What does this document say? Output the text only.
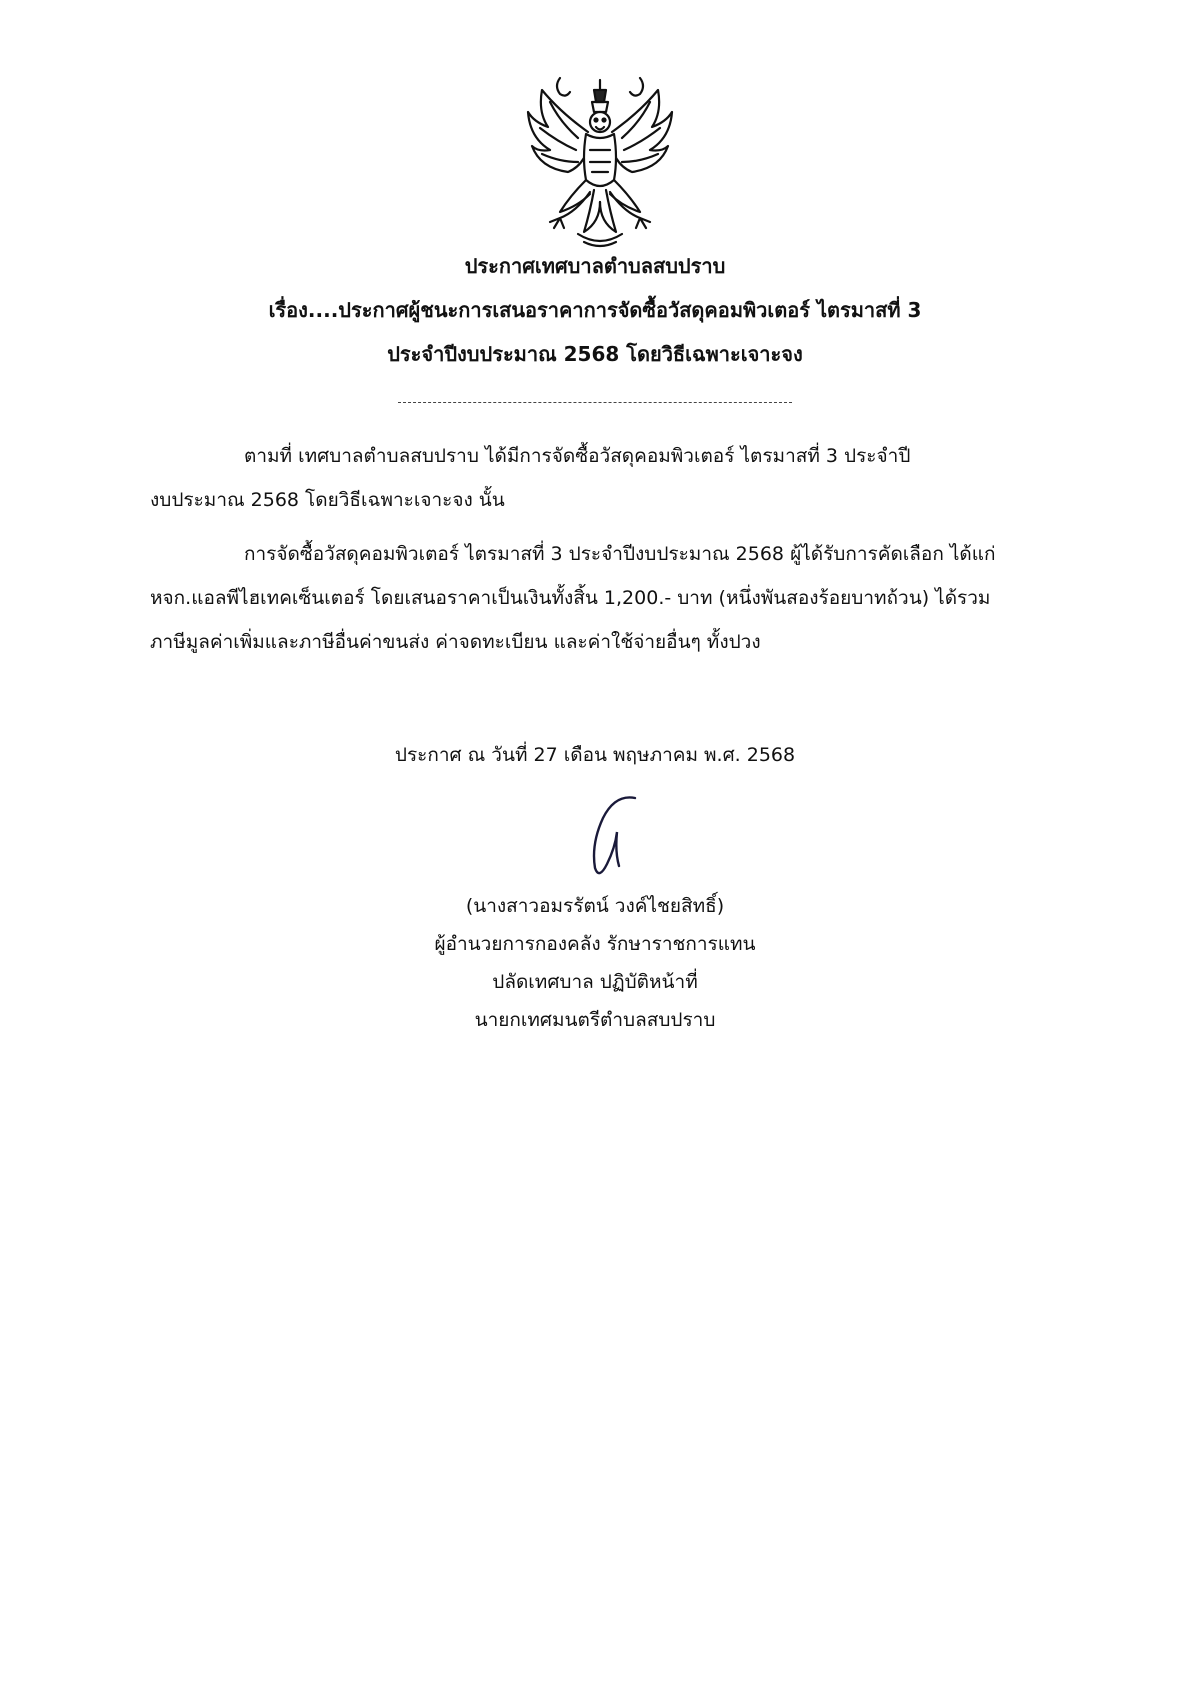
ประกาศเทศบาลตำบลสบปราบ
เรื่อง....ประกาศผู้ชนะการเสนอราคาการจัดซื้อวัสดุคอมพิวเตอร์ ไตรมาสที่ 3
ประจำปีงบประมาณ 2568 โดยวิธีเฉพาะเจาะจง
ตามที่ เทศบาลตำบลสบปราบ ได้มีการจัดซื้อวัสดุคอมพิวเตอร์ ไตรมาสที่ 3 ประจำปี
งบประมาณ 2568 โดยวิธีเฉพาะเจาะจง นั้น
การจัดซื้อวัสดุคอมพิวเตอร์ ไตรมาสที่ 3 ประจำปีงบประมาณ 2568 ผู้ได้รับการคัดเลือก ได้แก่
หจก.แอลพีไฮเทคเซ็นเตอร์ โดยเสนอราคาเป็นเงินทั้งสิ้น 1,200.- บาท (หนึ่งพันสองร้อยบาทถ้วน) ได้รวม
ภาษีมูลค่าเพิ่มและภาษีอื่นค่าขนส่ง ค่าจดทะเบียน และค่าใช้จ่ายอื่นๆ ทั้งปวง
ประกาศ ณ วันที่ 27 เดือน พฤษภาคม พ.ศ. 2568
(นางสาวอมรรัตน์ วงค์ไชยสิทธิ์)
ผู้อำนวยการกองคลัง รักษาราชการแทน
ปลัดเทศบาล ปฏิบัติหน้าที่
นายกเทศมนตรีตำบลสบปราบ
